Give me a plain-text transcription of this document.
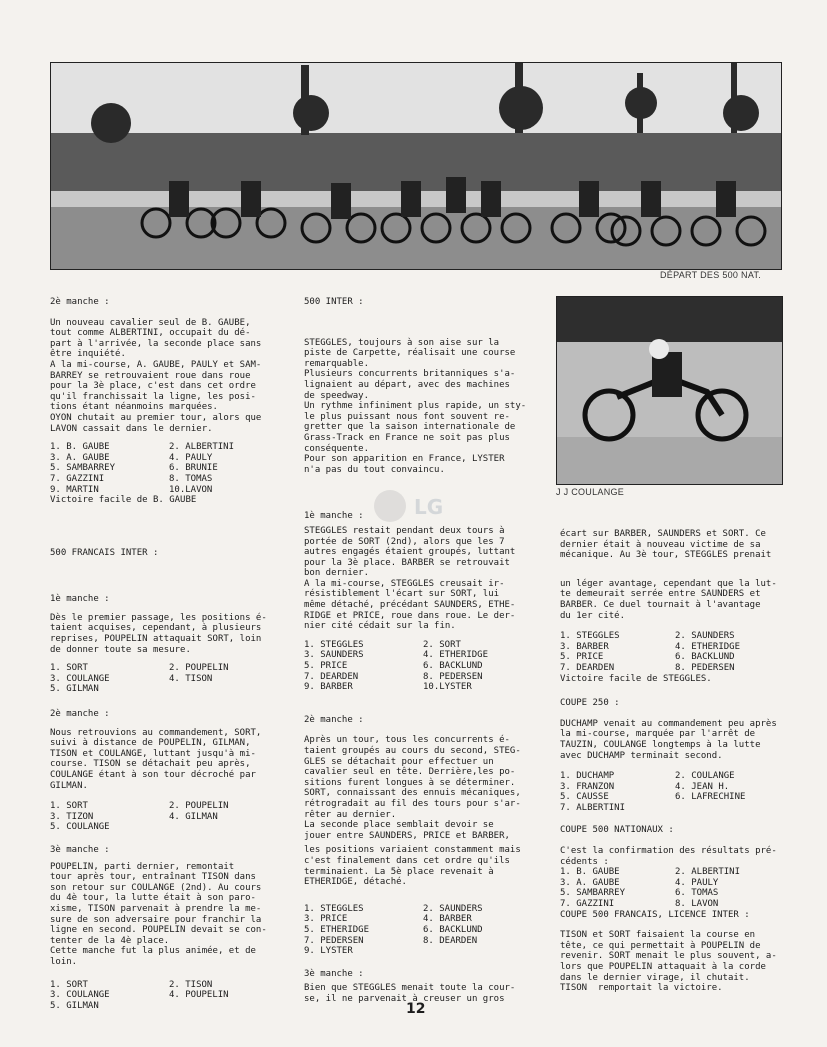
DÉPART DES 500 NAT.
J J COULANGE
LG

2è manche :

Un nouveau cavalier seul de B. GAUBE,
tout comme ALBERTINI, occupait du dé-
part à l'arrivée, la seconde place sans
être inquiété.
A la mi-course, A. GAUBE, PAULY et SAM-
BARREY se retrouvaient roue dans roue
pour la 3è place, c'est dans cet ordre
qu'il franchissait la ligne, les posi-
tions étant néanmoins marquées.
OYON chutait au premier tour, alors que
LAVON cassait dans le dernier.

1. B. GAUBE	2. ALBERTINI
3. A. GAUBE	4. PAULY
5. SAMBARREY	6. BRUNIE
7. GAZZINI	8. TOMAS
9. MARTIN	10.LAVON

Victoire facile de B. GAUBE

500 FRANCAIS INTER :

1è manche :

Dès le premier passage, les positions é-
taient acquises, cependant, à plusieurs
reprises, POUPELIN attaquait SORT, loin
de donner toute sa mesure.

1. SORT	2. POUPELIN
3. COULANGE	4. TISON
5. GILMAN

2è manche :

Nous retrouvions au commandement, SORT,
suivi à distance de POUPELIN, GILMAN,
TISON et COULANGE, luttant jusqu'à mi-
course. TISON se détachait peu après,
COULANGE étant à son tour décroché par
GILMAN.

1. SORT	2. POUPELIN
3. TIZON	4. GILMAN
5. COULANGE

3è manche :

POUPELIN, parti dernier, remontait
tour après tour, entraînant TISON dans
son retour sur COULANGE (2nd). Au cours
du 4è tour, la lutte était à son paro-
xisme, TISON parvenait à prendre la me-
sure de son adversaire pour franchir la
ligne en second. POUPELIN devait se con-
tenter de la 4è place.
Cette manche fut la plus animée, et de
loin.

1. SORT	2. TISON
3. COULANGE	4. POUPELIN
5. GILMAN

500 INTER :

STEGGLES, toujours à son aise sur la
piste de Carpette, réalisait une course
remarquable.
Plusieurs concurrents britanniques s'a-
lignaient au départ, avec des machines
de speedway.
Un rythme infiniment plus rapide, un sty-
le plus puissant nous font souvent re-
gretter que la saison internationale de
Grass-Track en France ne soit pas plus
conséquente.
Pour son apparition en France, LYSTER
n'a pas du tout convaincu.

1è manche :

STEGGLES restait pendant deux tours à
portée de SORT (2nd), alors que les 7
autres engagés étaient groupés, luttant
pour la 3è place. BARBER se retrouvait
bon dernier.
A la mi-course, STEGGLES creusait ir-
résistiblement l'écart sur SORT, lui
même détaché, précédant SAUNDERS, ETHE-
RIDGE et PRICE, roue dans roue. Le der-
nier cité cédait sur la fin.

1. STEGGLES	2. SORT
3. SAUNDERS	4. ETHERIDGE
5. PRICE	6. BACKLUND
7. DEARDEN	8. PEDERSEN
9. BARBER	10.LYSTER

2è manche :

Après un tour, tous les concurrents é-
taient groupés au cours du second, STEG-
GLES se détachait pour effectuer un
cavalier seul en tête. Derrière,les po-
sitions furent longues à se déterminer.
SORT, connaissant des ennuis mécaniques,
rétrogradait au fil des tours pour s'ar-
rêter au dernier.
La seconde place semblait devoir se
jouer entre SAUNDERS, PRICE et BARBER,

les positions variaient constamment mais
c'est finalement dans cet ordre qu'ils
terminaient. La 5è place revenait à
ETHERIDGE, détaché.

1. STEGGLES	2. SAUNDERS
3. PRICE	4. BARBER
5. ETHERIDGE	6. BACKLUND
7. PEDERSEN	8. DEARDEN
9. LYSTER

3è manche :

Bien que STEGGLES menait toute la cour-
se, il ne parvenait à creuser un gros

écart sur BARBER, SAUNDERS et SORT. Ce
dernier était à nouveau victime de sa
mécanique. Au 3è tour, STEGGLES prenait

un léger avantage, cependant que la lut-
te demeurait serrée entre SAUNDERS et
BARBER. Ce duel tournait à l'avantage
du 1er cité.

1. STEGGLES	2. SAUNDERS
3. BARBER	4. ETHERIDGE
5. PRICE	6. BACKLUND
7. DEARDEN	8. PEDERSEN

Victoire facile de STEGGLES.

COUPE 250 :

DUCHAMP venait au commandement peu après
la mi-course, marquée par l'arrêt de
TAUZIN, COULANGE longtemps à la lutte
avec DUCHAMP terminait second.

1. DUCHAMP	2. COULANGE
3. FRANZON	4. JEAN H.
5. CAUSSE	6. LAFRECHINE
7. ALBERTINI

COUPE 500 NATIONAUX :

C'est la confirmation des résultats pré-
cédents :

1. B. GAUBE	2. ALBERTINI
3. A. GAUBE	4. PAULY
5. SAMBARREY	6. TOMAS
7. GAZZINI	8. LAVON

COUPE 500 FRANCAIS, LICENCE INTER :

TISON et SORT faisaient la course en
tête, ce qui permettait à POUPELIN de
revenir. SORT menait le plus souvent, a-
lors que POUPELIN attaquait à la corde
dans le dernier virage, il chutait.
TISON  remportait la victoire.

12
